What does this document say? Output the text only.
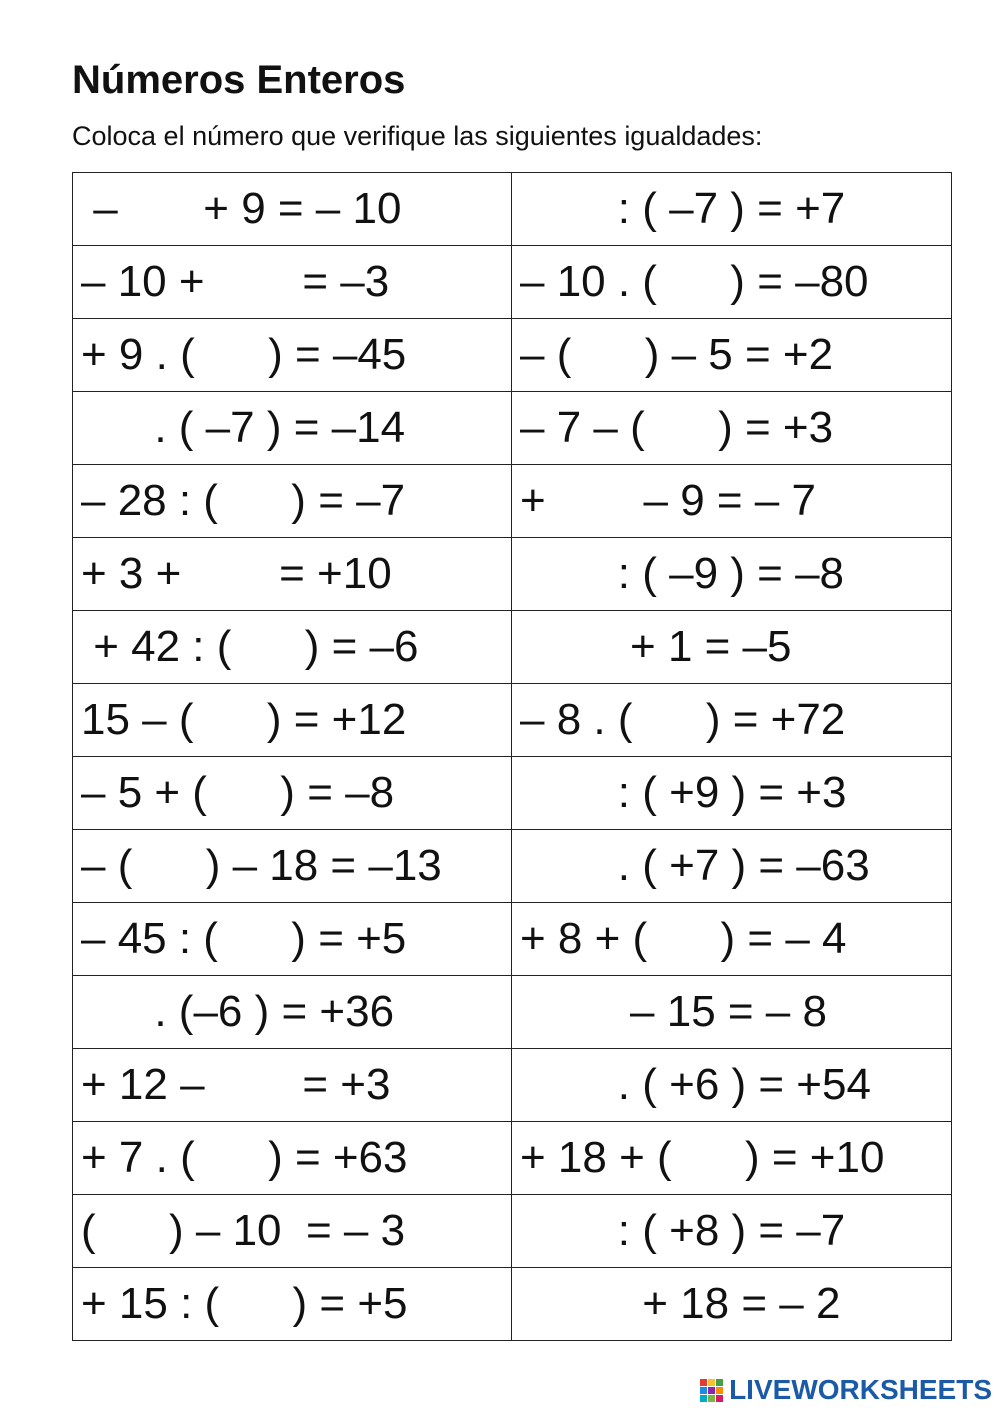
Números Enteros
Coloca el número que verifique las siguientes igualdades:
–       + 9 = – 10	: ( –7 ) = +7
– 10 +        = –3	– 10 . (      ) = –80
+ 9 . (      ) = –45	– (      ) – 5 = +2
. ( –7 ) = –14	– 7 – (      ) = +3
– 28 : (      ) = –7	+        – 9 = – 7
+ 3 +        = +10	: ( –9 ) = –8
+ 42 : (      ) = –6	+ 1 = –5
15 – (      ) = +12	– 8 . (      ) = +72
– 5 + (      ) = –8	: ( +9 ) = +3
– (      ) – 18 = –13	. ( +7 ) = –63
– 45 : (      ) = +5	+ 8 + (      ) = – 4
. (–6 ) = +36	– 15 = – 8
+ 12 –        = +3	. ( +6 ) = +54
+ 7 . (      ) = +63	+ 18 + (      ) = +10
(      ) – 10  = – 3	: ( +8 ) = –7
+ 15 : (      ) = +5	+ 18 = – 2
LIVEWORKSHEETS
